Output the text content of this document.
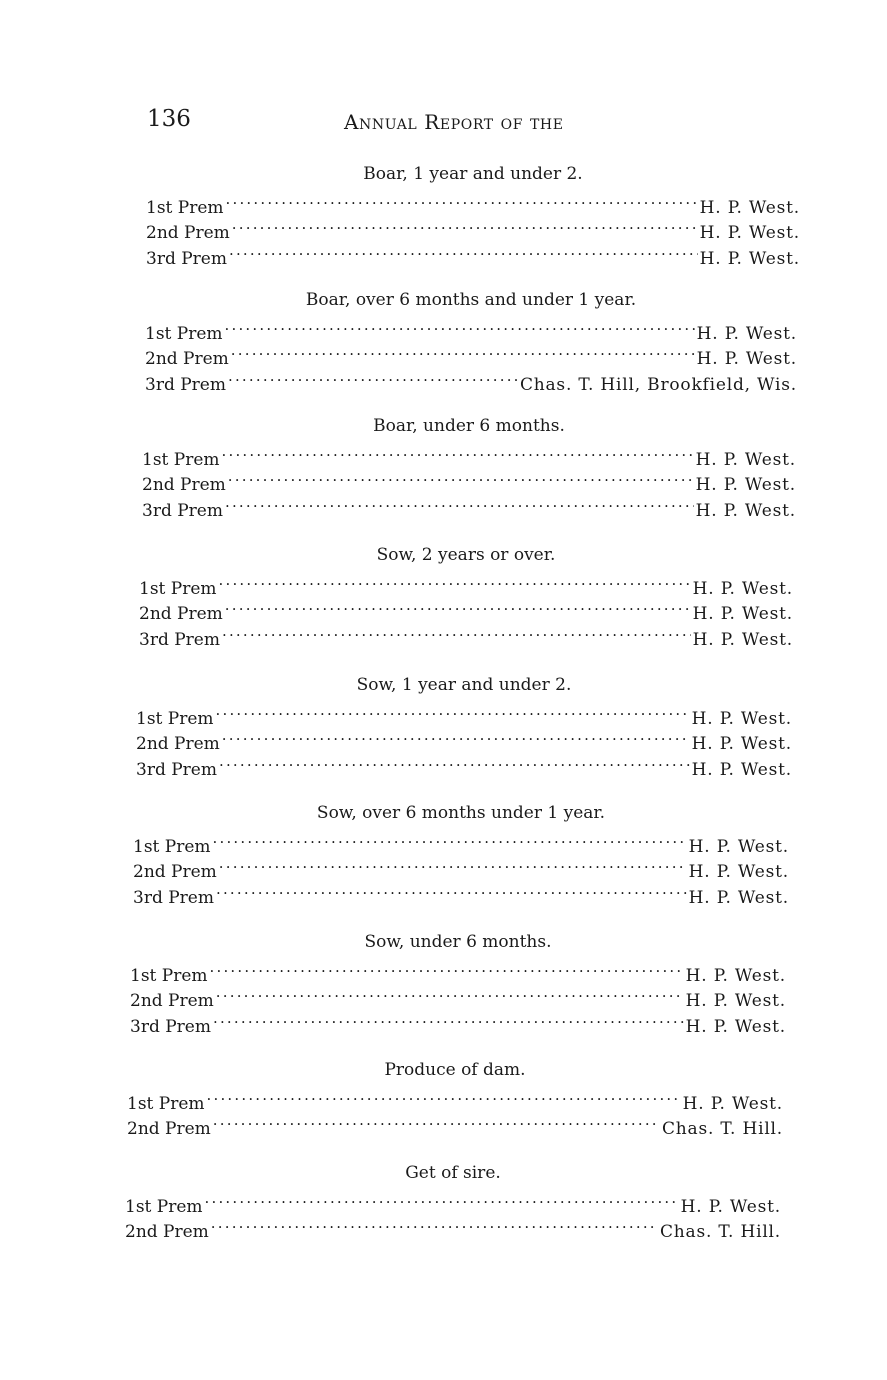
136	Annual Report of the
Boar, 1 year and under 2.
1st Prem .....	H. P. West.
2nd Prem .....	H. P. West.
3rd Prem .....	H. P. West.
Boar, over 6 months and under 1 year.
1st Prem .....	H. P. West.
2nd Prem .....	H. P. West.
3rd Prem .....	Chas. T. Hill, Brookfield, Wis.
Boar, under 6 months.
1st Prem .....	H. P. West.
2nd Prem .....	H. P. West.
3rd Prem .....	H. P. West.
Sow, 2 years or over.
1st Prem .....	H. P. West.
2nd Prem .....	H. P. West.
3rd Prem .....	H. P. West.
Sow, 1 year and under 2.
1st Prem .....	H. P. West.
2nd Prem .....	H. P. West.
3rd Prem .....	H. P. West.
Sow, over 6 months under 1 year.
1st Prem .....	H. P. West.
2nd Prem .....	H. P. West.
3rd Prem .....	H. P. West.
Sow, under 6 months.
1st Prem .....	H. P. West.
2nd Prem .....	H. P. West.
3rd Prem .....	H. P. West.
Produce of dam.
1st Prem .....	H. P. West.
2nd Prem .....	Chas. T. Hill.
Get of sire.
1st Prem .....	H. P. West.
2nd Prem .....	Chas. T. Hill.
